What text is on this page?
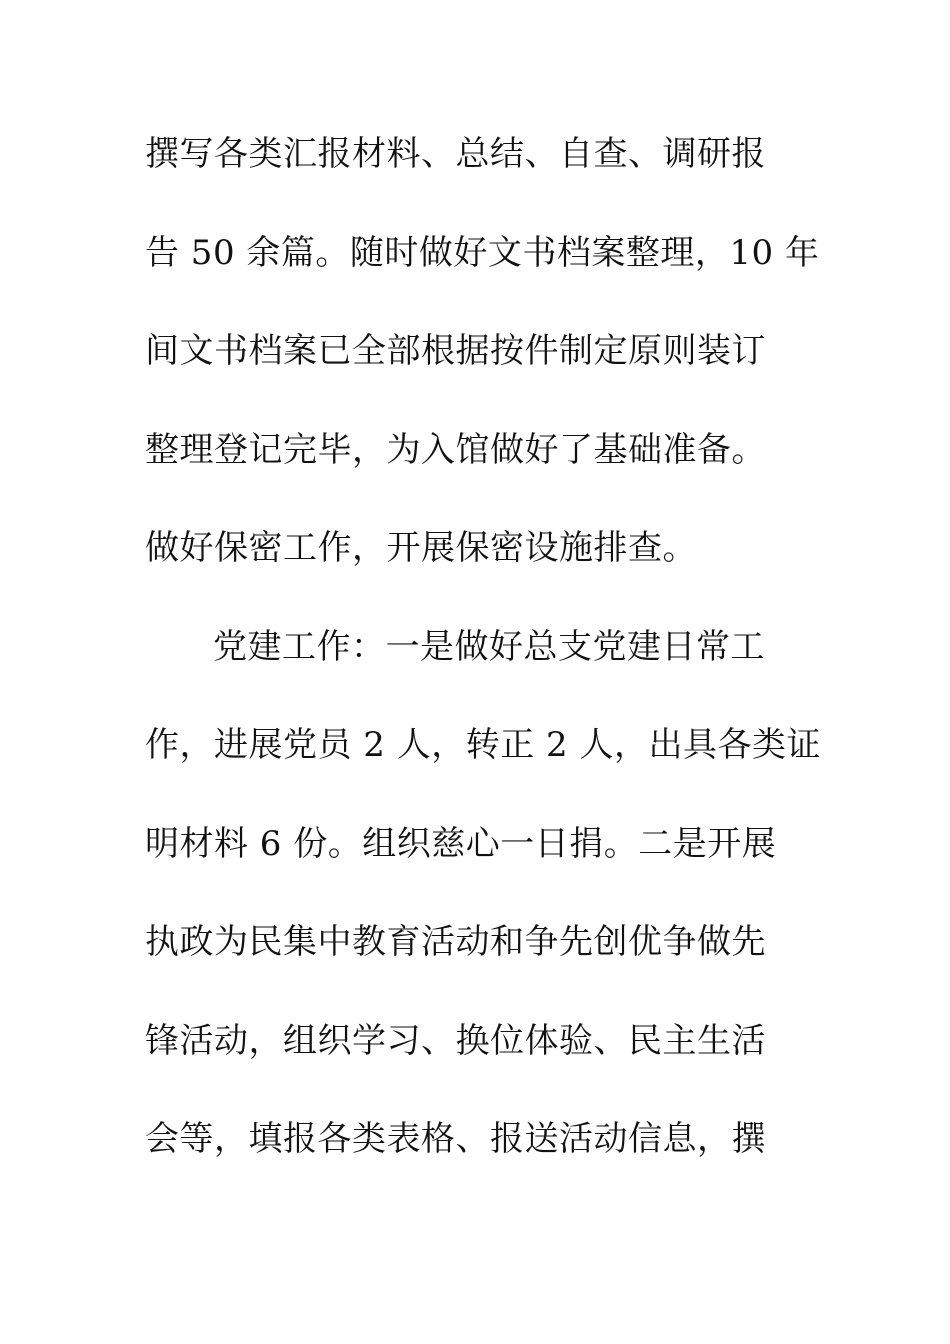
撰写各类汇报材料、总结、自查、调研报
告 50 余篇。随时做好文书档案整理，10 年
间文书档案已全部根据按件制定原则装订
整理登记完毕，为入馆做好了基础准备。
做好保密工作，开展保密设施排查。
党建工作：一是做好总支党建日常工
作，进展党员 2 人，转正 2 人，出具各类证
明材料 6 份。组织慈心一日捐。二是开展
执政为民集中教育活动和争先创优争做先
锋活动，组织学习、换位体验、民主生活
会等，填报各类表格、报送活动信息，撰
